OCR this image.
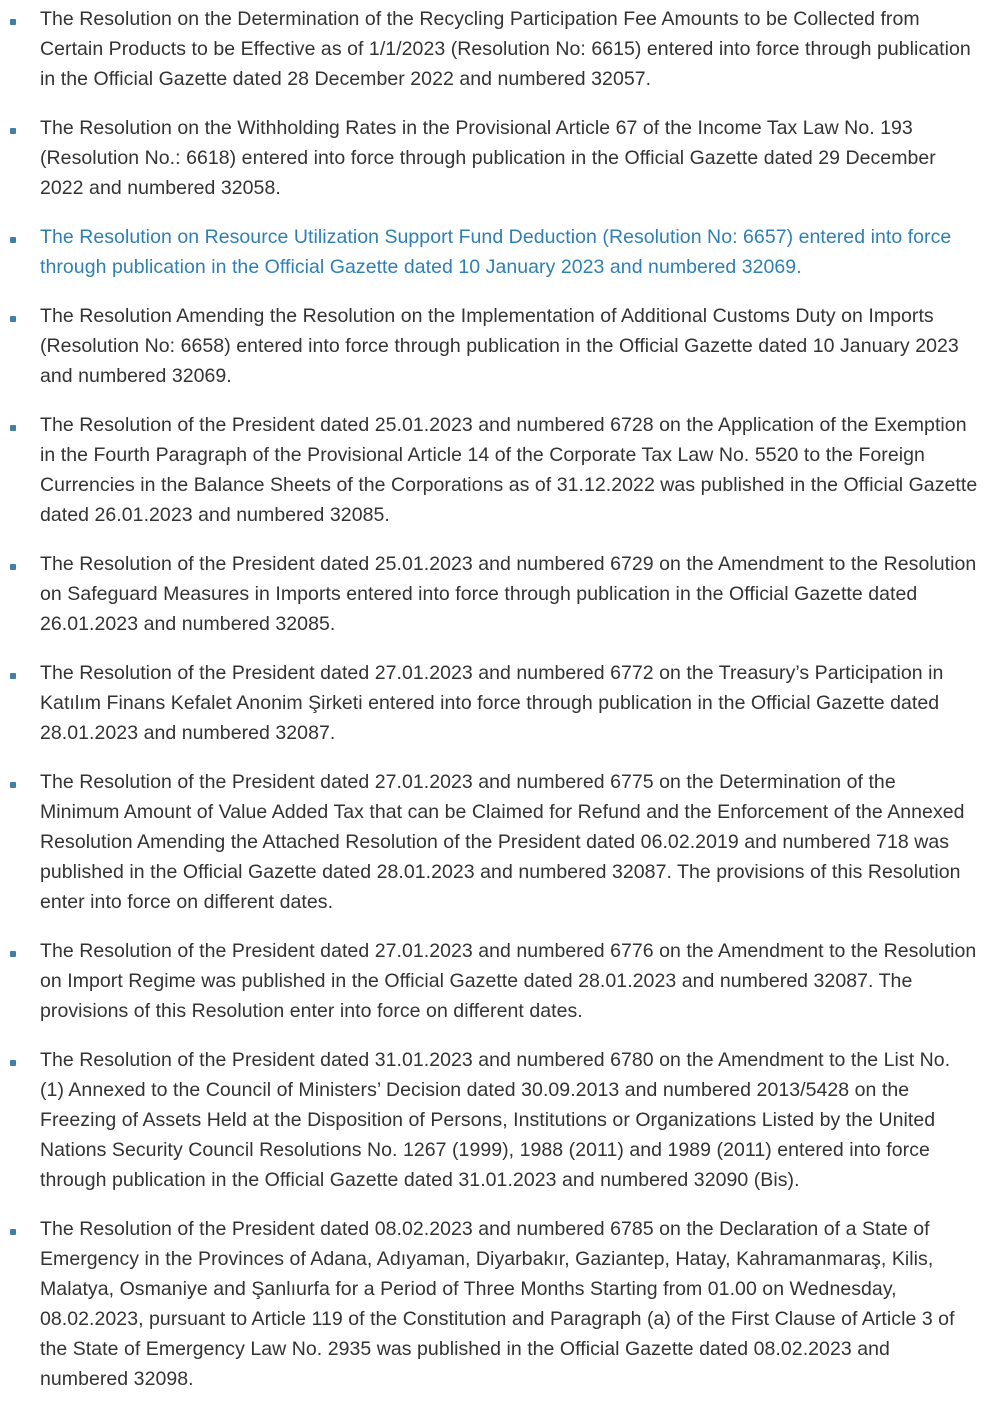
The Resolution on the Determination of the Recycling Participation Fee Amounts to be Collected from Certain Products to be Effective as of 1/1/2023 (Resolution No: 6615) entered into force through publication in the Official Gazette dated 28 December 2022 and numbered 32057.
The Resolution on the Withholding Rates in the Provisional Article 67 of the Income Tax Law No. 193 (Resolution No.: 6618) entered into force through publication in the Official Gazette dated 29 December 2022 and numbered 32058.
The Resolution on Resource Utilization Support Fund Deduction (Resolution No: 6657) entered into force through publication in the Official Gazette dated 10 January 2023 and numbered 32069.
The Resolution Amending the Resolution on the Implementation of Additional Customs Duty on Imports (Resolution No: 6658) entered into force through publication in the Official Gazette dated 10 January 2023 and numbered 32069.
The Resolution of the President dated 25.01.2023 and numbered 6728 on the Application of the Exemption in the Fourth Paragraph of the Provisional Article 14 of the Corporate Tax Law No. 5520 to the Foreign Currencies in the Balance Sheets of the Corporations as of 31.12.2022 was published in the Official Gazette dated 26.01.2023 and numbered 32085.
The Resolution of the President dated 25.01.2023 and numbered 6729 on the Amendment to the Resolution on Safeguard Measures in Imports entered into force through publication in the Official Gazette dated 26.01.2023 and numbered 32085.
The Resolution of the President dated 27.01.2023 and numbered 6772 on the Treasury’s Participation in Katılım Finans Kefalet Anonim Şirketi entered into force through publication in the Official Gazette dated 28.01.2023 and numbered 32087.
The Resolution of the President dated 27.01.2023 and numbered 6775 on the Determination of the Minimum Amount of Value Added Tax that can be Claimed for Refund and the Enforcement of the Annexed Resolution Amending the Attached Resolution of the President dated 06.02.2019 and numbered 718 was published in the Official Gazette dated 28.01.2023 and numbered 32087. The provisions of this Resolution enter into force on different dates.
The Resolution of the President dated 27.01.2023 and numbered 6776 on the Amendment to the Resolution on Import Regime was published in the Official Gazette dated 28.01.2023 and numbered 32087. The provisions of this Resolution enter into force on different dates.
The Resolution of the President dated 31.01.2023 and numbered 6780 on the Amendment to the List No. (1) Annexed to the Council of Ministers’ Decision dated 30.09.2013 and numbered 2013/5428 on the Freezing of Assets Held at the Disposition of Persons, Institutions or Organizations Listed by the United Nations Security Council Resolutions No. 1267 (1999), 1988 (2011) and 1989 (2011) entered into force through publication in the Official Gazette dated 31.01.2023 and numbered 32090 (Bis).
The Resolution of the President dated 08.02.2023 and numbered 6785 on the Declaration of a State of Emergency in the Provinces of Adana, Adıyaman, Diyarbakır, Gaziantep, Hatay, Kahramanmaraş, Kilis, Malatya, Osmaniye and Şanlıurfa for a Period of Three Months Starting from 01.00 on Wednesday, 08.02.2023, pursuant to Article 119 of the Constitution and Paragraph (a) of the First Clause of Article 3 of the State of Emergency Law No. 2935 was published in the Official Gazette dated 08.02.2023 and numbered 32098.
